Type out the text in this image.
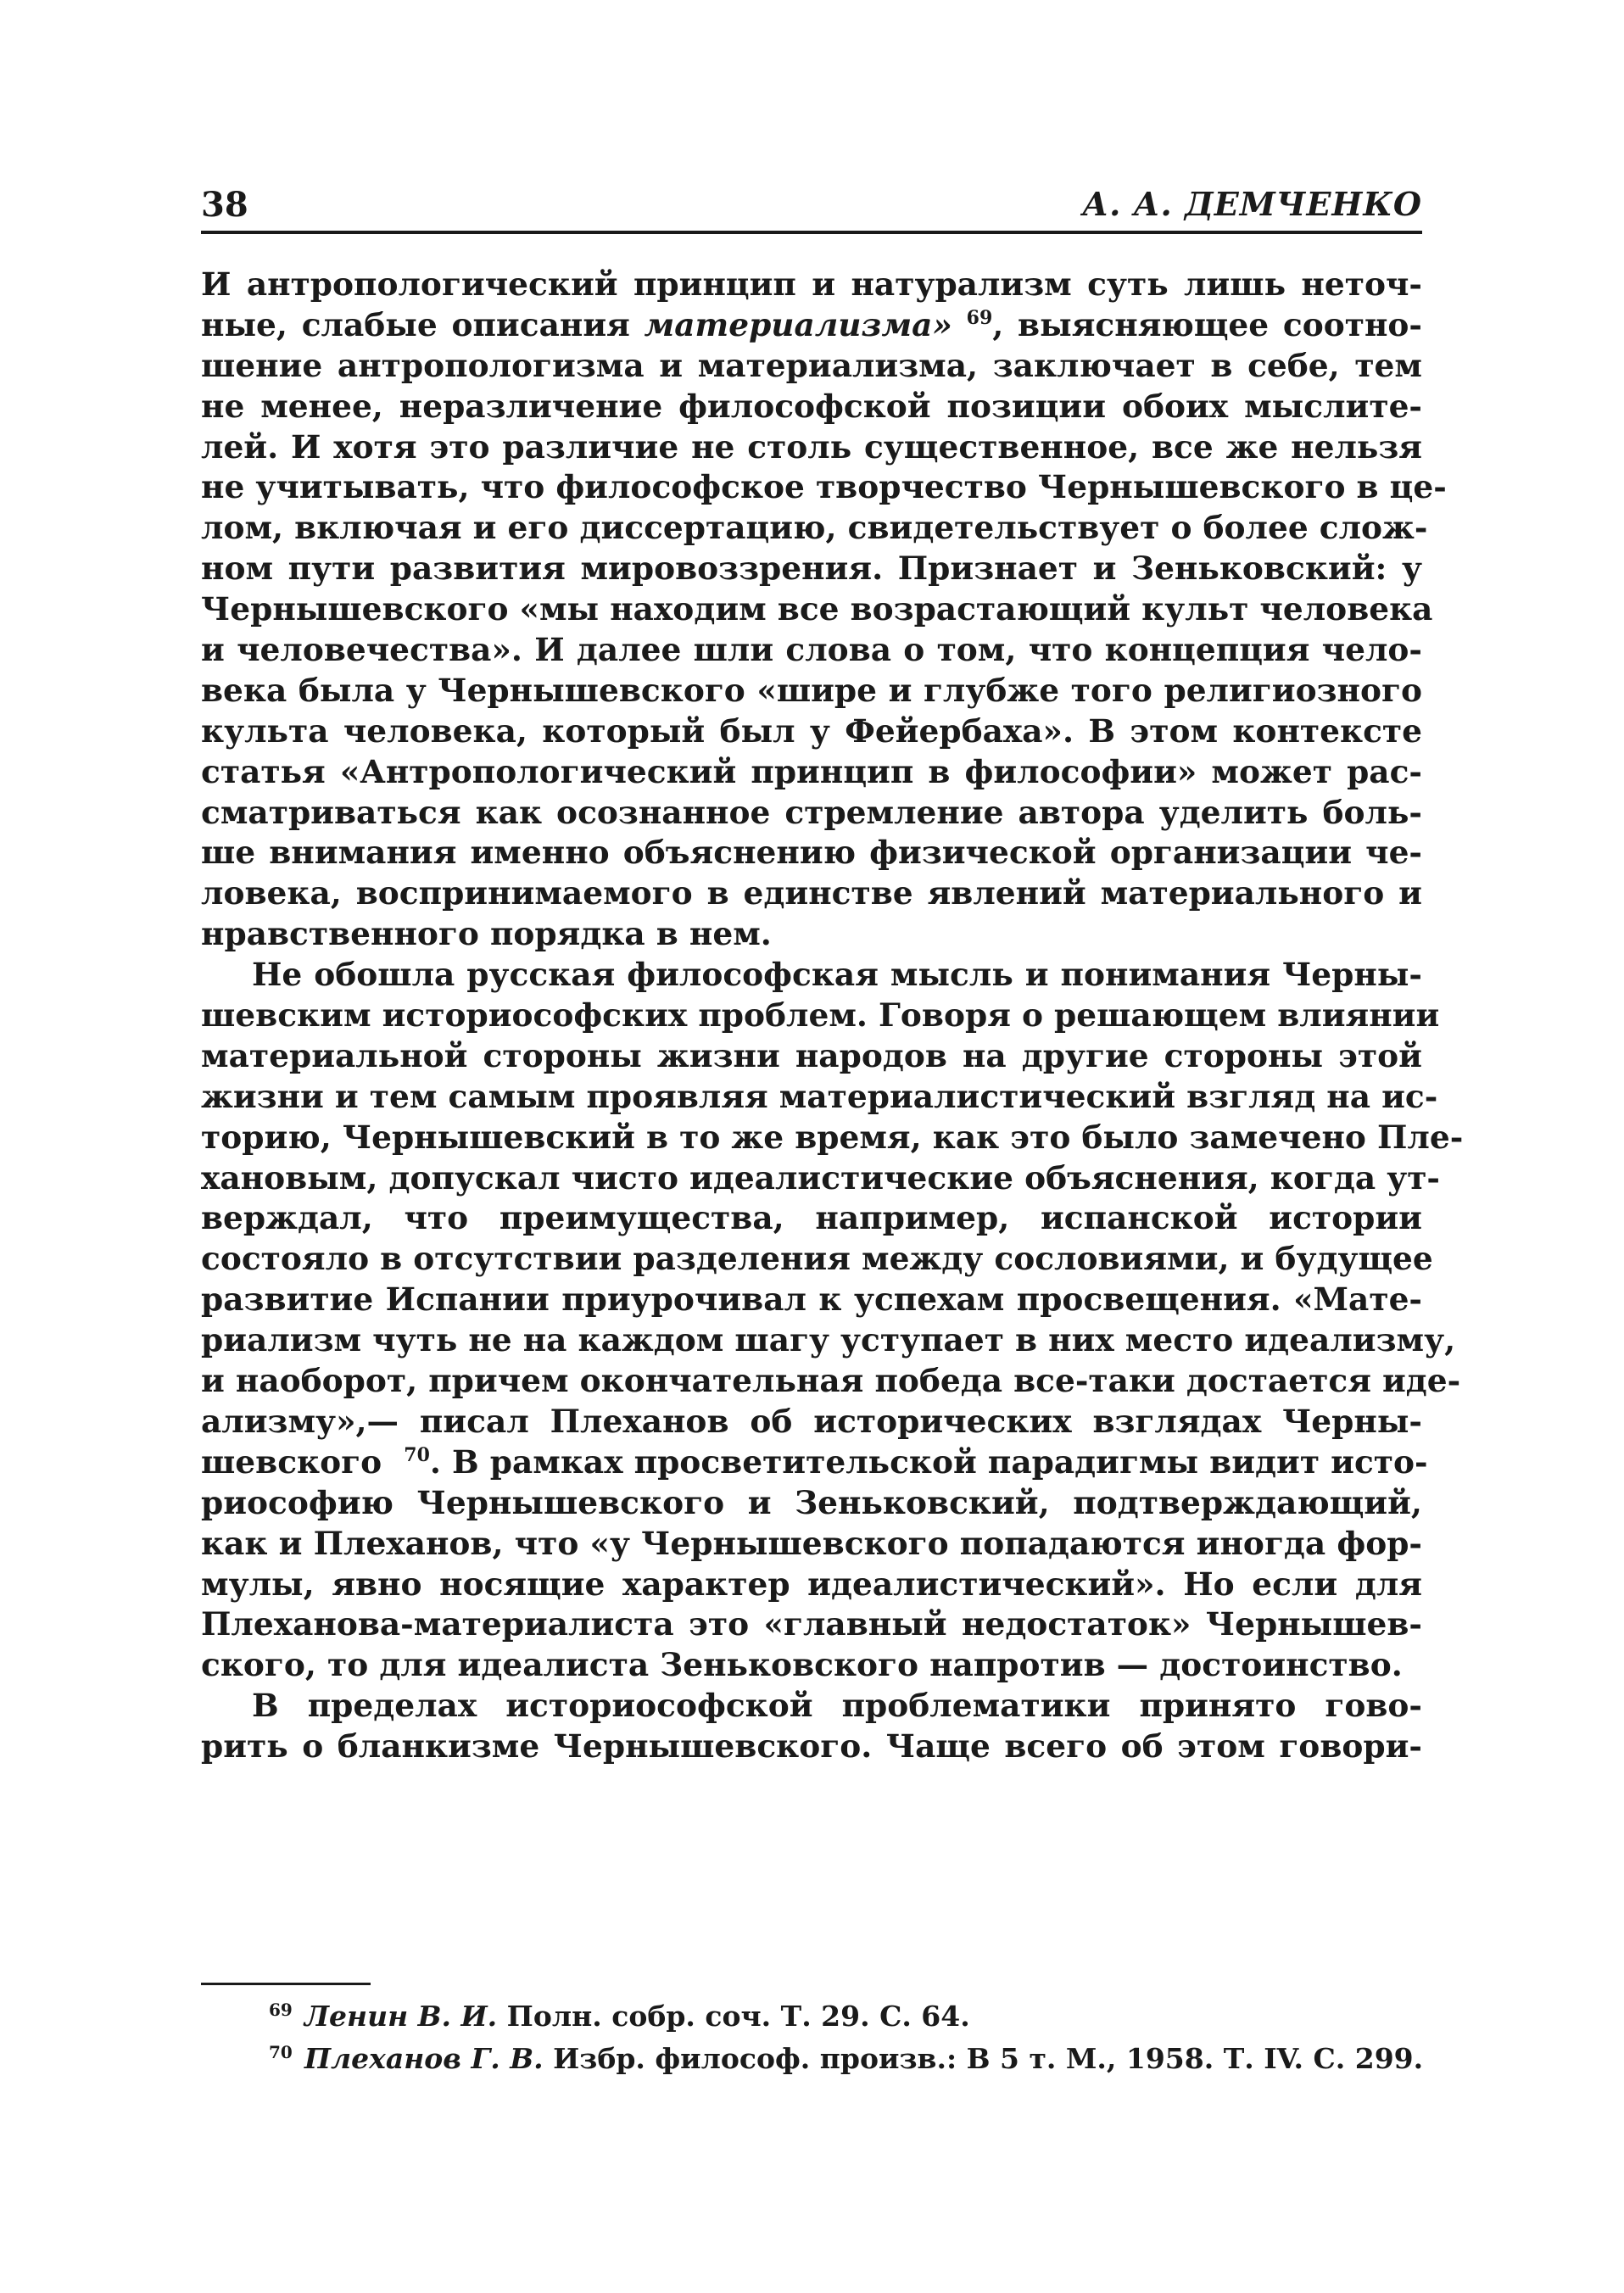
38	А. А. ДЕМЧЕНКО
И антропологический принцип и натурализм суть лишь неточ-
ные, слабые описания материализма» $^{69}$, выясняющее соотно-
шение антропологизма и материализма, заключает в себе, тем
не менее, неразличение философской позиции обоих мыслите-
лей. И хотя это различие не столь существенное, все же нельзя
не учитывать, что философское творчество Чернышевского в це-
лом, включая и его диссертацию, свидетельствует о более слож-
ном пути развития мировоззрения. Признает и Зеньковский: у
Чернышевского «мы находим все возрастающий культ человека
и человечества». И далее шли слова о том, что концепция чело-
века была у Чернышевского «шире и глубже того религиозного
культа человека, который был у Фейербаха». В этом контексте
статья «Антропологический принцип в философии» может рас-
сматриваться как осознанное стремление автора уделить боль-
ше внимания именно объяснению физической организации че-
ловека, воспринимаемого в единстве явлений материального и
нравственного порядка в нем.
Не обошла русская философская мысль и понимания Черны-
шевским историософских проблем. Говоря о решающем влиянии
материальной стороны жизни народов на другие стороны этой
жизни и тем самым проявляя материалистический взгляд на ис-
торию, Чернышевский в то же время, как это было замечено Пле-
хановым, допускал чисто идеалистические объяснения, когда ут-
верждал, что преимущества, например, испанской истории
состояло в отсутствии разделения между сословиями, и будущее
развитие Испании приурочивал к успехам просвещения. «Мате-
риализм чуть не на каждом шагу уступает в них место идеализму,
и наоборот, причем окончательная победа все-таки достается иде-
ализму»,— писал Плеханов об исторических взглядах Черны-
шевского  $^{70}$. В рамках просветительской парадигмы видит исто-
риософию Чернышевского и Зеньковский, подтверждающий,
как и Плеханов, что «у Чернышевского попадаются иногда фор-
мулы, явно носящие характер идеалистический». Но если для
Плеханова-материалиста это «главный недостаток» Чернышев-
ского, то для идеалиста Зеньковского напротив — достоинство.
В пределах историософской проблематики принято гово-
рить о бланкизме Чернышевского. Чаще всего об этом говори-
$^{69}$ Ленин В. И. Полн. собр. соч. Т. 29. С. 64.
$^{70}$ Плеханов Г. В. Избр. философ. произв.: В 5 т. М., 1958. Т. IV. С. 299.
